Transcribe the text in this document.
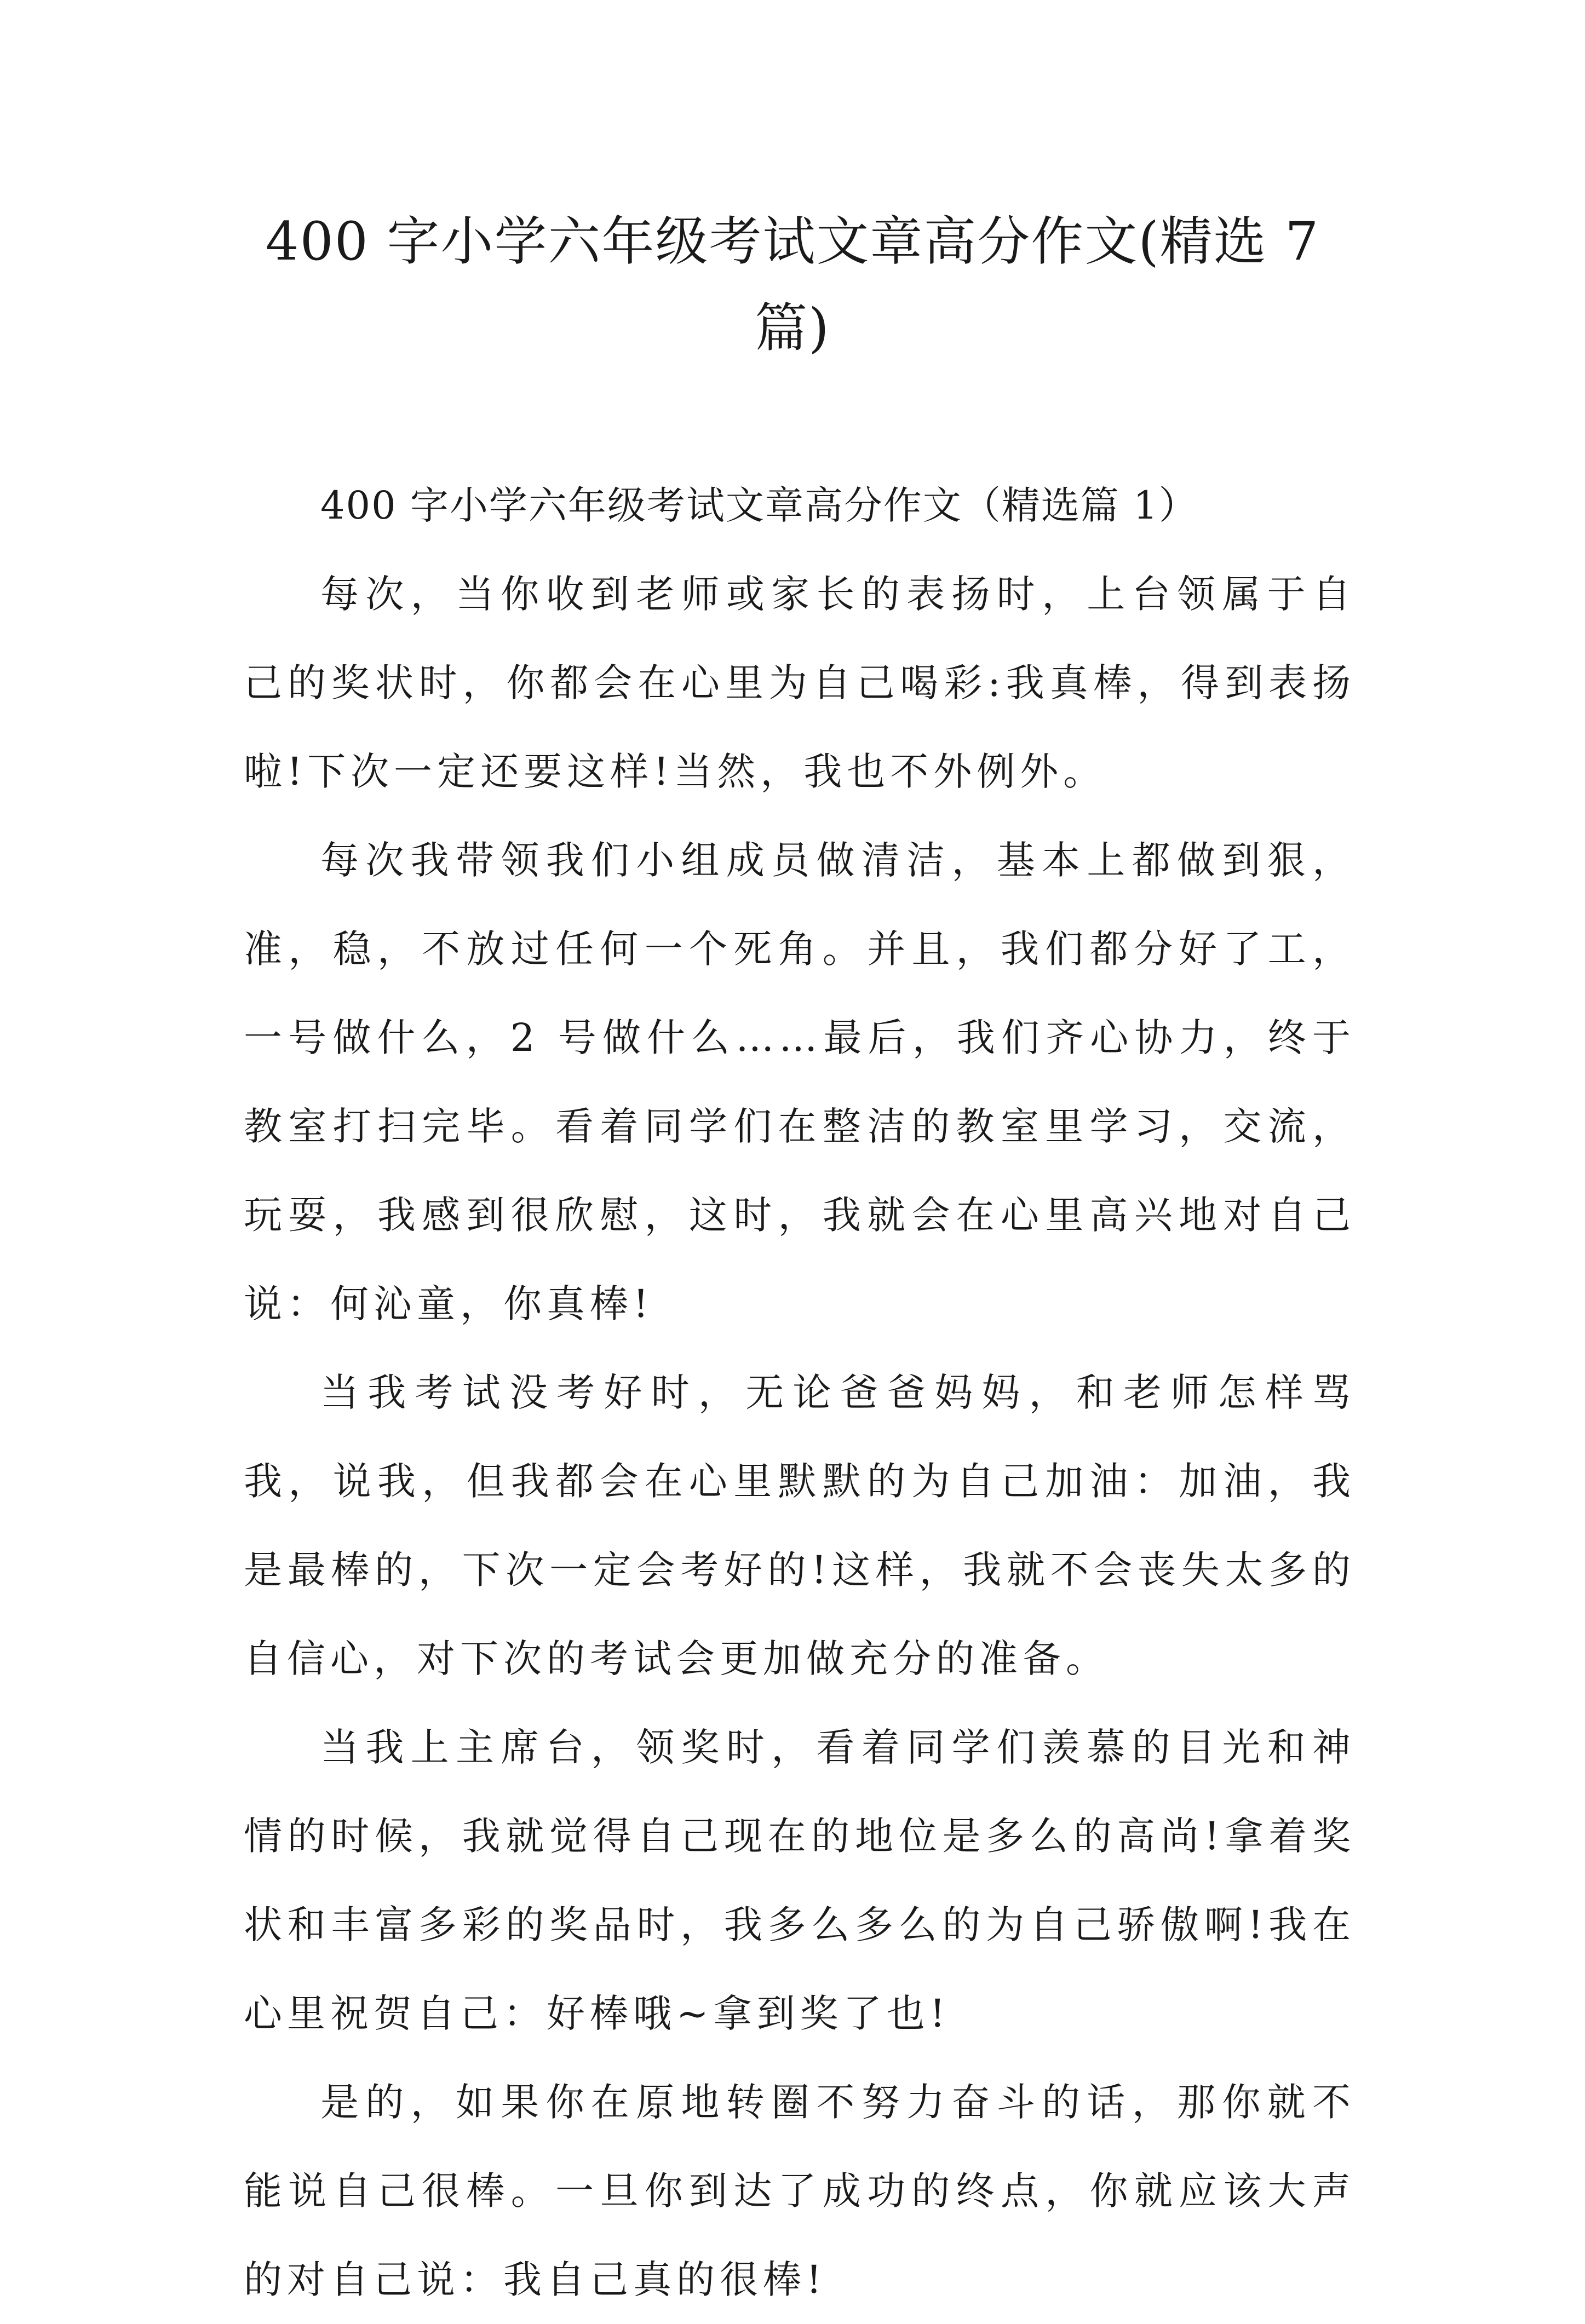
400 字小学六年级考试文章高分作文(精选 7 篇)

400 字小学六年级考试文章高分作文（精选篇 1）

每次，当你收到老师或家长的表扬时，上台领属于自己的奖状时，你都会在心里为自己喝彩:我真棒，得到表扬啦!下次一定还要这样!当然，我也不外例外。

每次我带领我们小组成员做清洁，基本上都做到狠，准，稳，不放过任何一个死角。并且，我们都分好了工，一号做什么，2 号做什么……最后，我们齐心协力，终于教室打扫完毕。看着同学们在整洁的教室里学习，交流，玩耍，我感到很欣慰，这时，我就会在心里高兴地对自己说：何沁童，你真棒!

当我考试没考好时，无论爸爸妈妈，和老师怎样骂我，说我，但我都会在心里默默的为自己加油：加油，我是最棒的，下次一定会考好的!这样，我就不会丧失太多的自信心，对下次的考试会更加做充分的准备。

当我上主席台，领奖时，看着同学们羡慕的目光和神情的时候，我就觉得自己现在的地位是多么的高尚!拿着奖状和丰富多彩的奖品时，我多么多么的为自己骄傲啊!我在心里祝贺自己：好棒哦~拿到奖了也!

是的，如果你在原地转圈不努力奋斗的话，那你就不能说自己很棒。一旦你到达了成功的终点，你就应该大声的对自己说：我自己真的很棒!
